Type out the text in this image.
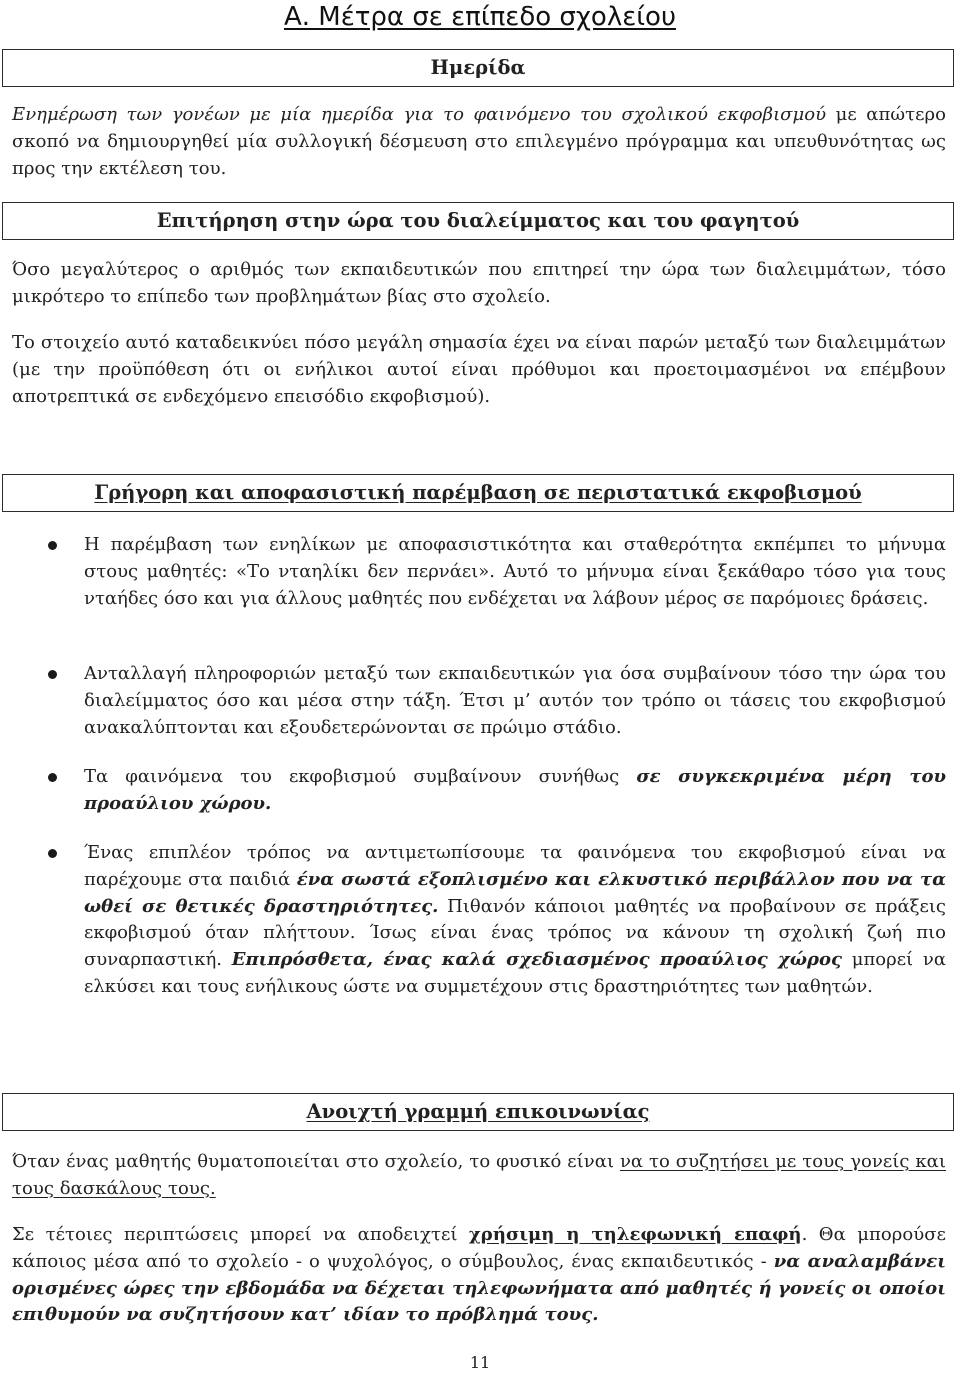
Α. Μέτρα σε επίπεδο σχολείου
Ημερίδα

Ενημέρωση των γονέων με μία ημερίδα για το φαινόμενο του σχολικού εκφοβισμού με απώτερο σκοπό να δημιουργηθεί μία συλλογική δέσμευση στο επιλεγμένο πρόγραμμα και υπευθυνότητας ως προς την εκτέλεση του.

Επιτήρηση στην ώρα του διαλείμματος και του φαγητού

Όσο μεγαλύτερος ο αριθμός των εκπαιδευτικών που επιτηρεί την ώρα των διαλειμμάτων, τόσο μικρότερο το επίπεδο των προβλημάτων βίας στο σχολείο.

Το στοιχείο αυτό καταδεικνύει πόσο μεγάλη σημασία έχει να είναι παρών μεταξύ των διαλειμμάτων (με την προϋπόθεση ότι οι ενήλικοι αυτοί είναι πρόθυμοι και προετοιμασμένοι να επέμβουν αποτρεπτικά σε ενδεχόμενο επεισόδιο εκφοβισμού).

Γρήγορη και αποφασιστική παρέμβαση σε περιστατικά εκφοβισμού

Η παρέμβαση των ενηλίκων με αποφασιστικότητα και σταθερότητα εκπέμπει το μήνυμα στους μαθητές: «Το νταηλίκι δεν περνάει». Αυτό το μήνυμα είναι ξεκάθαρο τόσο για τους νταήδες όσο και για άλλους μαθητές που ενδέχεται να λάβουν μέρος σε παρόμοιες δράσεις.

Ανταλλαγή πληροφοριών μεταξύ των εκπαιδευτικών για όσα συμβαίνουν τόσο την ώρα του διαλείμματος όσο και μέσα στην τάξη. Έτσι μ’ αυτόν τον τρόπο οι τάσεις του εκφοβισμού ανακαλύπτονται και εξουδετερώνονται σε πρώιμο στάδιο.

Τα φαινόμενα του εκφοβισμού συμβαίνουν συνήθως σε συγκεκριμένα μέρη του προαύλιου χώρου.

Ένας επιπλέον τρόπος να αντιμετωπίσουμε τα φαινόμενα του εκφοβισμού είναι να παρέχουμε στα παιδιά ένα σωστά εξοπλισμένο και ελκυστικό περιβάλλον που να τα ωθεί σε θετικές δραστηριότητες. Πιθανόν κάποιοι μαθητές να προβαίνουν σε πράξεις εκφοβισμού όταν πλήττουν. Ίσως είναι ένας τρόπος να κάνουν τη σχολική ζωή πιο συναρπαστική. Επιπρόσθετα, ένας καλά σχεδιασμένος προαύλιος χώρος μπορεί να ελκύσει και τους ενήλικους ώστε να συμμετέχουν στις δραστηριότητες των μαθητών.

Ανοιχτή γραμμή επικοινωνίας

Όταν ένας μαθητής θυματοποιείται στο σχολείο, το φυσικό είναι να το συζητήσει με τους γονείς και τους δασκάλους τους.

Σε τέτοιες περιπτώσεις μπορεί να αποδειχτεί χρήσιμη η τηλεφωνική επαφή. Θα μπορούσε κάποιος μέσα από το σχολείο - ο ψυχολόγος, ο σύμβουλος, ένας εκπαιδευτικός - να αναλαμβάνει ορισμένες ώρες την εβδομάδα να δέχεται τηλεφωνήματα από μαθητές ή γονείς οι οποίοι επιθυμούν να συζητήσουν κατ’ ιδίαν το πρόβλημά τους.

11
